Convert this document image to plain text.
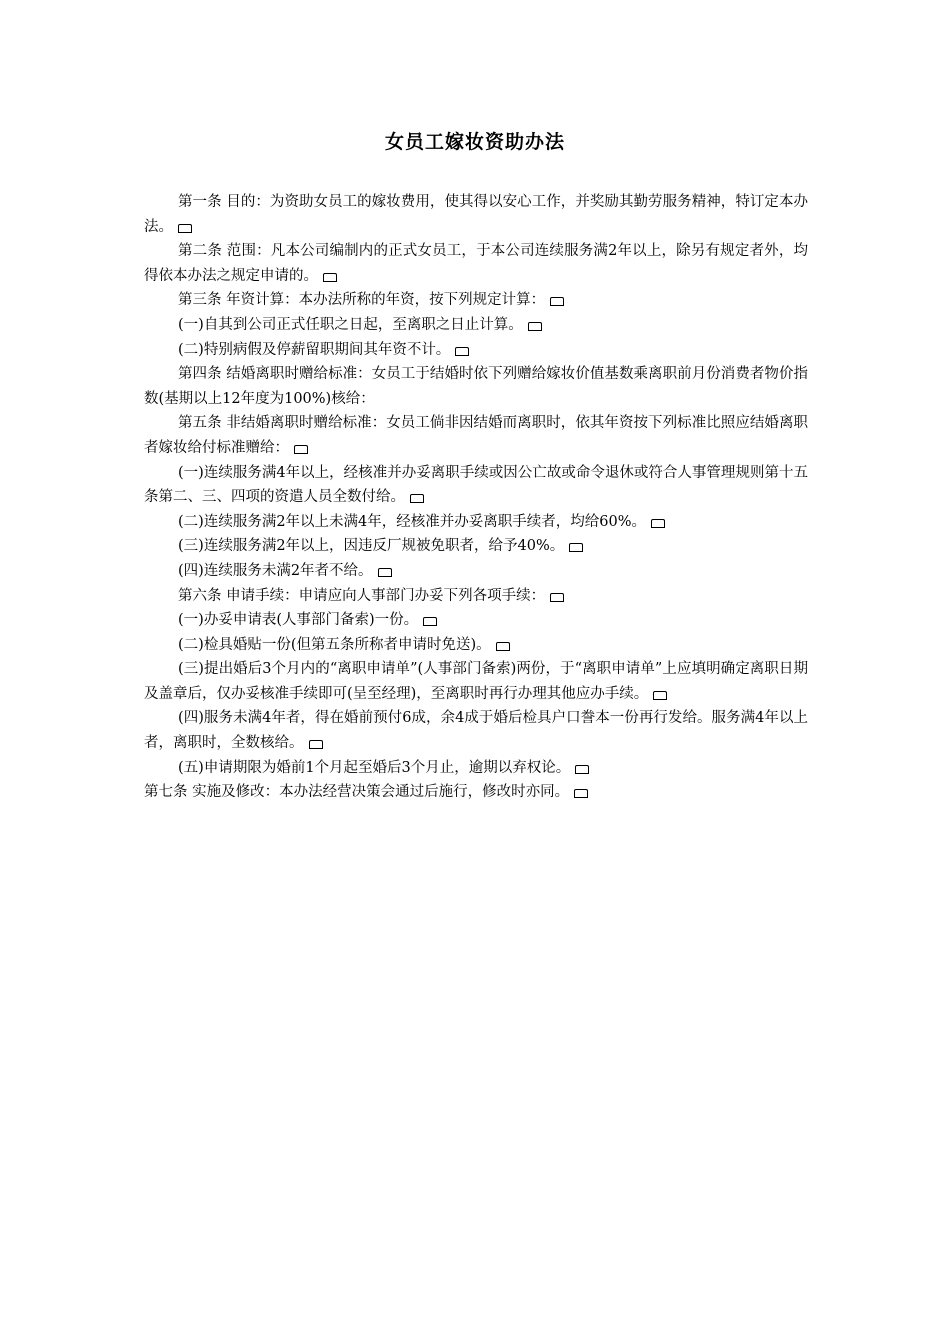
女员工嫁妆资助办法

第一条 目的：为资助女员工的嫁妆费用，使其得以安心工作，并奖励其勤劳服务精神，特订定本办法。

第二条 范围：凡本公司编制内的正式女员工，于本公司连续服务满2年以上，除另有规定者外，均得依本办法之规定申请的。

第三条 年资计算：本办法所称的年资，按下列规定计算：

(一)自其到公司正式任职之日起，至离职之日止计算。

(二)特别病假及停薪留职期间其年资不计。

第四条 结婚离职时赠给标准：女员工于结婚时依下列赠给嫁妆价值基数乘离职前月份消费者物价指数(基期以上12年度为100%)核给：

第五条 非结婚离职时赠给标准：女员工倘非因结婚而离职时，依其年资按下列标准比照应结婚离职者嫁妆给付标准赠给：

(一)连续服务满4年以上，经核准并办妥离职手续或因公亡故或命令退休或符合人事管理规则第十五条第二、三、四项的资遣人员全数付给。

(二)连续服务满2年以上未满4年，经核准并办妥离职手续者，均给60%。

(三)连续服务满2年以上，因违反厂规被免职者，给予40%。

(四)连续服务未满2年者不给。

第六条 申请手续：申请应向人事部门办妥下列各项手续：

(一)办妥申请表(人事部门备索)一份。

(二)检具婚贴一份(但第五条所称者申请时免送)。

(三)提出婚后3个月内的“离职申请单”(人事部门备索)两份，于“离职申请单”上应填明确定离职日期及盖章后，仅办妥核准手续即可(呈至经理)，至离职时再行办理其他应办手续。

(四)服务未满4年者，得在婚前预付6成，余4成于婚后检具户口誊本一份再行发给。服务满4年以上者，离职时，全数核给。

(五)申请期限为婚前1个月起至婚后3个月止，逾期以弃权论。

第七条 实施及修改：本办法经营决策会通过后施行，修改时亦同。
